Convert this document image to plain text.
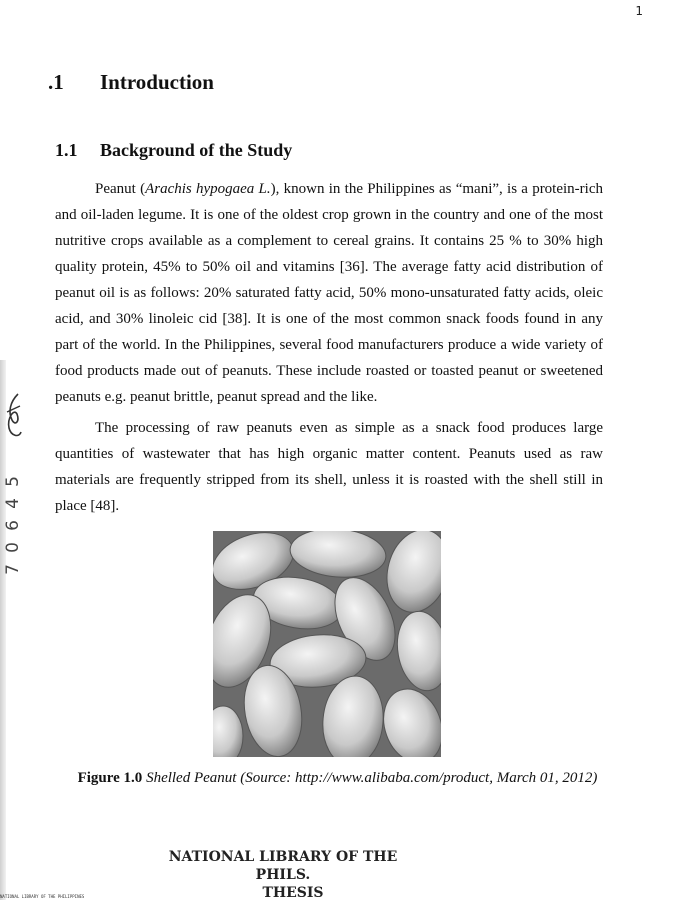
1
5
4
6
0
7
.1 Introduction
1.1 Background of the Study

Peanut (Arachis hypogaea L.), known in the Philippines as “mani”, is a protein-rich and oil-laden legume. It is one of the oldest crop grown in the country and one of the most nutritive crops available as a complement to cereal grains. It contains 25 % to 30% high quality protein, 45% to 50% oil and vitamins [36]. The average fatty acid distribution of peanut oil is as follows: 20% saturated fatty acid, 50% mono-unsaturated fatty acids, oleic acid, and 30% linoleic cid [38]. It is one of the most common snack foods found in any part of the world. In the Philippines, several food manufacturers produce a wide variety of food products made out of peanuts. These include roasted or toasted peanut or sweetened peanuts e.g. peanut brittle, peanut spread and the like.

The processing of raw peanuts even as simple as a snack food produces large quantities of wastewater that has high organic matter content. Peanuts used as raw materials are frequently stripped from its shell, unless it is roasted with the shell still in place [48].

Figure 1.0 Shelled Peanut (Source: http://www.alibaba.com/product, March 01, 2012)
NATIONAL LIBRARY OF THE PHILS.
THESIS
NATIONAL LIBRARY OF THE PHILIPPINES
